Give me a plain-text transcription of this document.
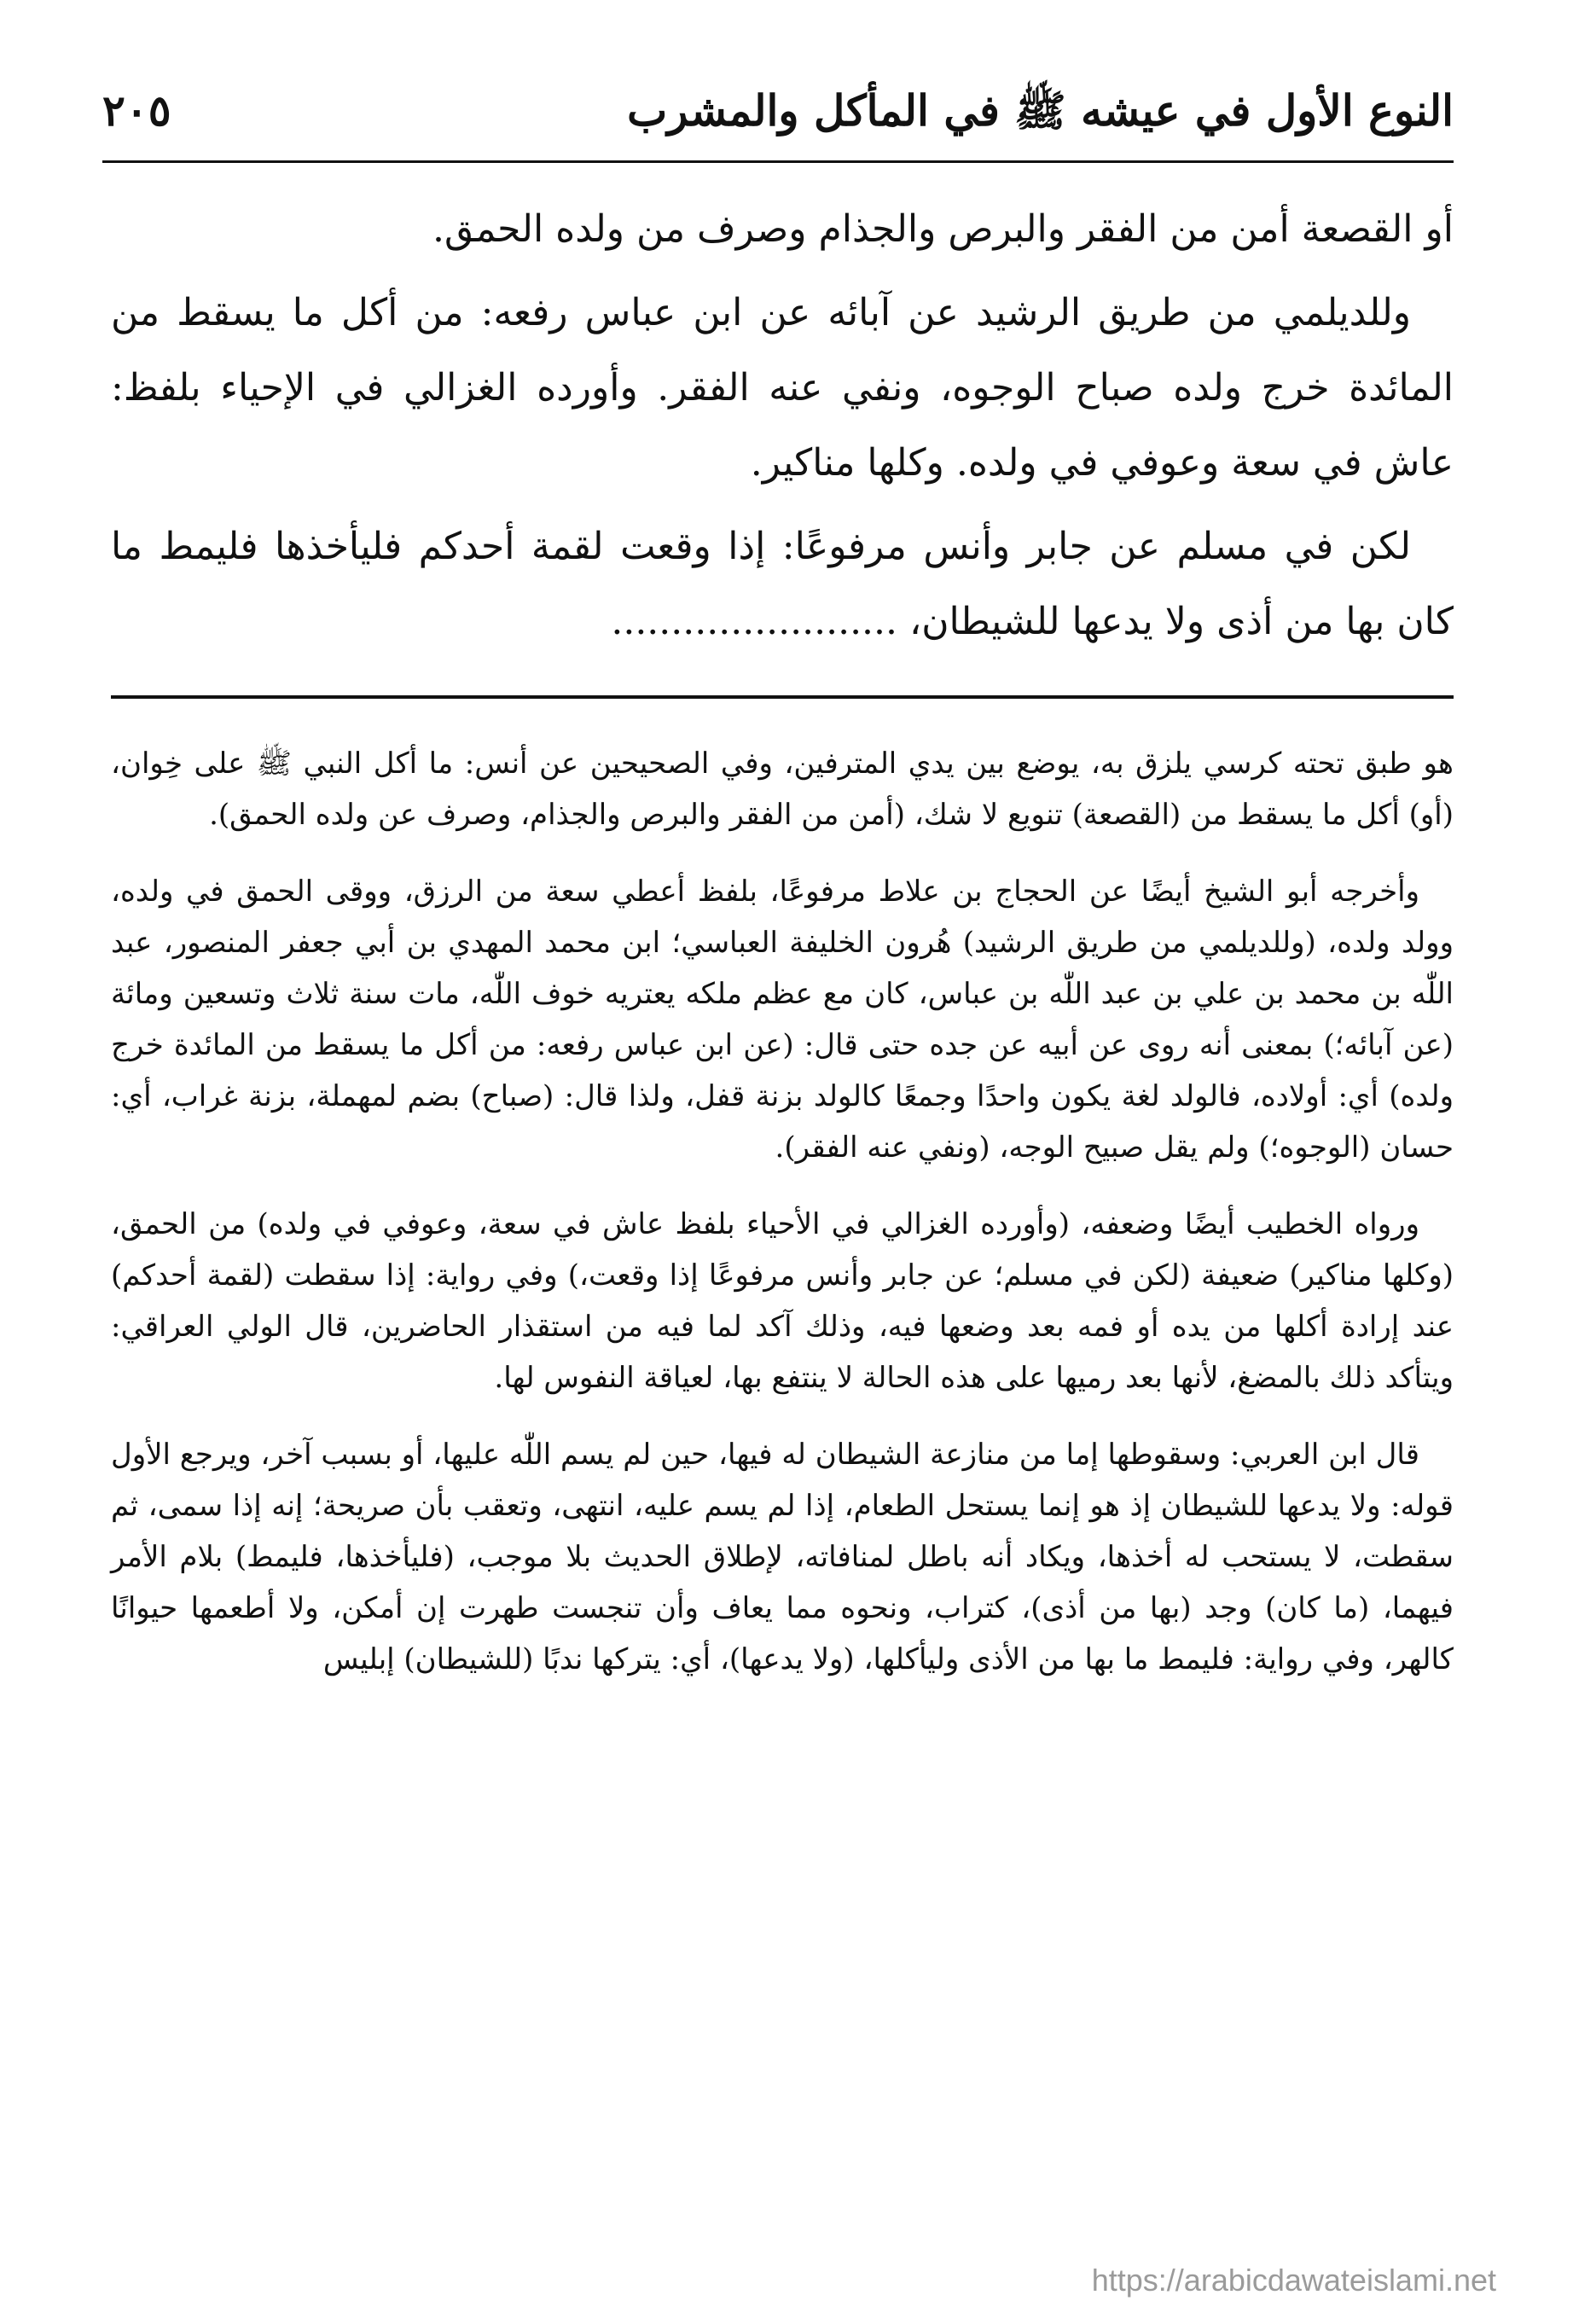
النوع الأول في عيشه ﷺ في المأكل والمشرب
٢٠٥

أو القصعة أمن من الفقر والبرص والجذام وصرف من ولده الحمق.

وللديلمي من طريق الرشيد عن آبائه عن ابن عباس رفعه: من أكل ما يسقط من المائدة خرج ولده صباح الوجوه، ونفي عنه الفقر. وأورده الغزالي في الإحياء بلفظ: عاش في سعة وعوفي في ولده. وكلها مناكير.

لكن في مسلم عن جابر وأنس مرفوعًا: إذا وقعت لقمة أحدكم فليأخذها فليمط ما كان بها من أذى ولا يدعها للشيطان، ........................

هو طبق تحته كرسي يلزق به، يوضع بين يدي المترفين، وفي الصحيحين عن أنس: ما أكل النبي ﷺ على خِوان، (أو) أكل ما يسقط من (القصعة) تنويع لا شك، (أمن من الفقر والبرص والجذام، وصرف عن ولده الحمق).

وأخرجه أبو الشيخ أيضًا عن الحجاج بن علاط مرفوعًا، بلفظ أعطي سعة من الرزق، ووقى الحمق في ولده، وولد ولده، (وللديلمي من طريق الرشيد) هُرون الخليفة العباسي؛ ابن محمد المهدي بن أبي جعفر المنصور، عبد اللّٰه بن محمد بن علي بن عبد اللّٰه بن عباس، كان مع عظم ملكه يعتريه خوف اللّٰه، مات سنة ثلاث وتسعين ومائة (عن آبائه؛) بمعنى أنه روى عن أبيه عن جده حتى قال: (عن ابن عباس رفعه: من أكل ما يسقط من المائدة خرج ولده) أي: أولاده، فالولد لغة يكون واحدًا وجمعًا كالولد بزنة قفل، ولذا قال: (صباح) بضم لمهملة، بزنة غراب، أي: حسان (الوجوه؛) ولم يقل صبيح الوجه، (ونفي عنه الفقر).

ورواه الخطيب أيضًا وضعفه، (وأورده الغزالي في الأحياء بلفظ عاش في سعة، وعوفي في ولده) من الحمق، (وكلها مناكير) ضعيفة (لكن في مسلم؛ عن جابر وأنس مرفوعًا إذا وقعت،) وفي رواية: إذا سقطت (لقمة أحدكم) عند إرادة أكلها من يده أو فمه بعد وضعها فيه، وذلك آكد لما فيه من استقذار الحاضرين، قال الولي العراقي: ويتأكد ذلك بالمضغ، لأنها بعد رميها على هذه الحالة لا ينتفع بها، لعياقة النفوس لها.

قال ابن العربي: وسقوطها إما من منازعة الشيطان له فيها، حين لم يسم اللّٰه عليها، أو بسبب آخر، ويرجع الأول قوله: ولا يدعها للشيطان إذ هو إنما يستحل الطعام، إذا لم يسم عليه، انتهى، وتعقب بأن صريحة؛ إنه إذا سمى، ثم سقطت، لا يستحب له أخذها، ويكاد أنه باطل لمنافاته، لإطلاق الحديث بلا موجب، (فليأخذها، فليمط) بلام الأمر فيهما، (ما كان) وجد (بها من أذى)، كتراب، ونحوه مما يعاف وأن تنجست طهرت إن أمكن، ولا أطعمها حيوانًا كالهر، وفي رواية: فليمط ما بها من الأذى وليأكلها، (ولا يدعها)، أي: يتركها ندبًا (للشيطان) إبليس

https://arabicdawateislami.net
